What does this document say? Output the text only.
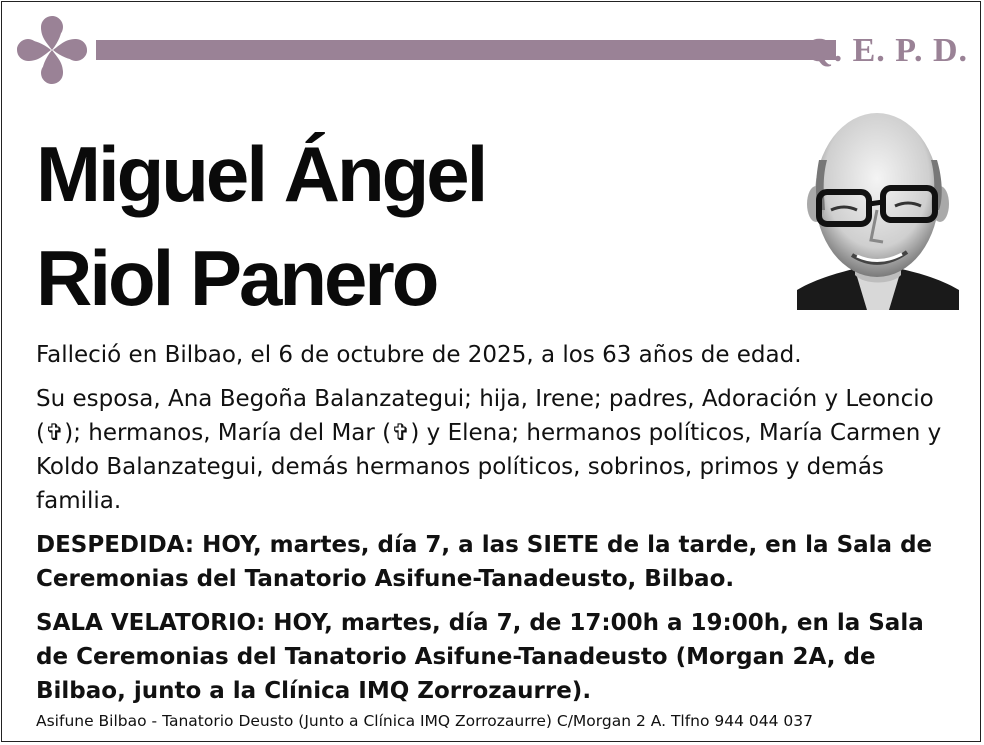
Q. E. P. D.
Miguel Ángel
Riol Panero
Falleció en Bilbao, el 6 de octubre de 2025, a los 63 años de edad.
Su esposa, Ana Begoña Balanzategui; hija, Irene; padres, Adoración y Leoncio (✞); hermanos, María del Mar (✞) y Elena; hermanos políticos, María Carmen y Koldo Balanzategui, demás hermanos políticos, sobrinos, primos y demás familia.
DESPEDIDA: HOY, martes, día 7, a las SIETE de la tarde, en la Sala de Ceremonias del Tanatorio Asifune-Tanadeusto, Bilbao.
SALA VELATORIO: HOY, martes, día 7, de 17:00h a 19:00h, en la Sala de Ceremonias del Tanatorio Asifune-Tanadeusto (Morgan 2A, de Bilbao, junto a la Clínica IMQ Zorrozaurre).
Asifune Bilbao - Tanatorio Deusto (Junto a Clínica IMQ Zorrozaurre) C/Morgan 2 A. Tlfno 944 044 037
